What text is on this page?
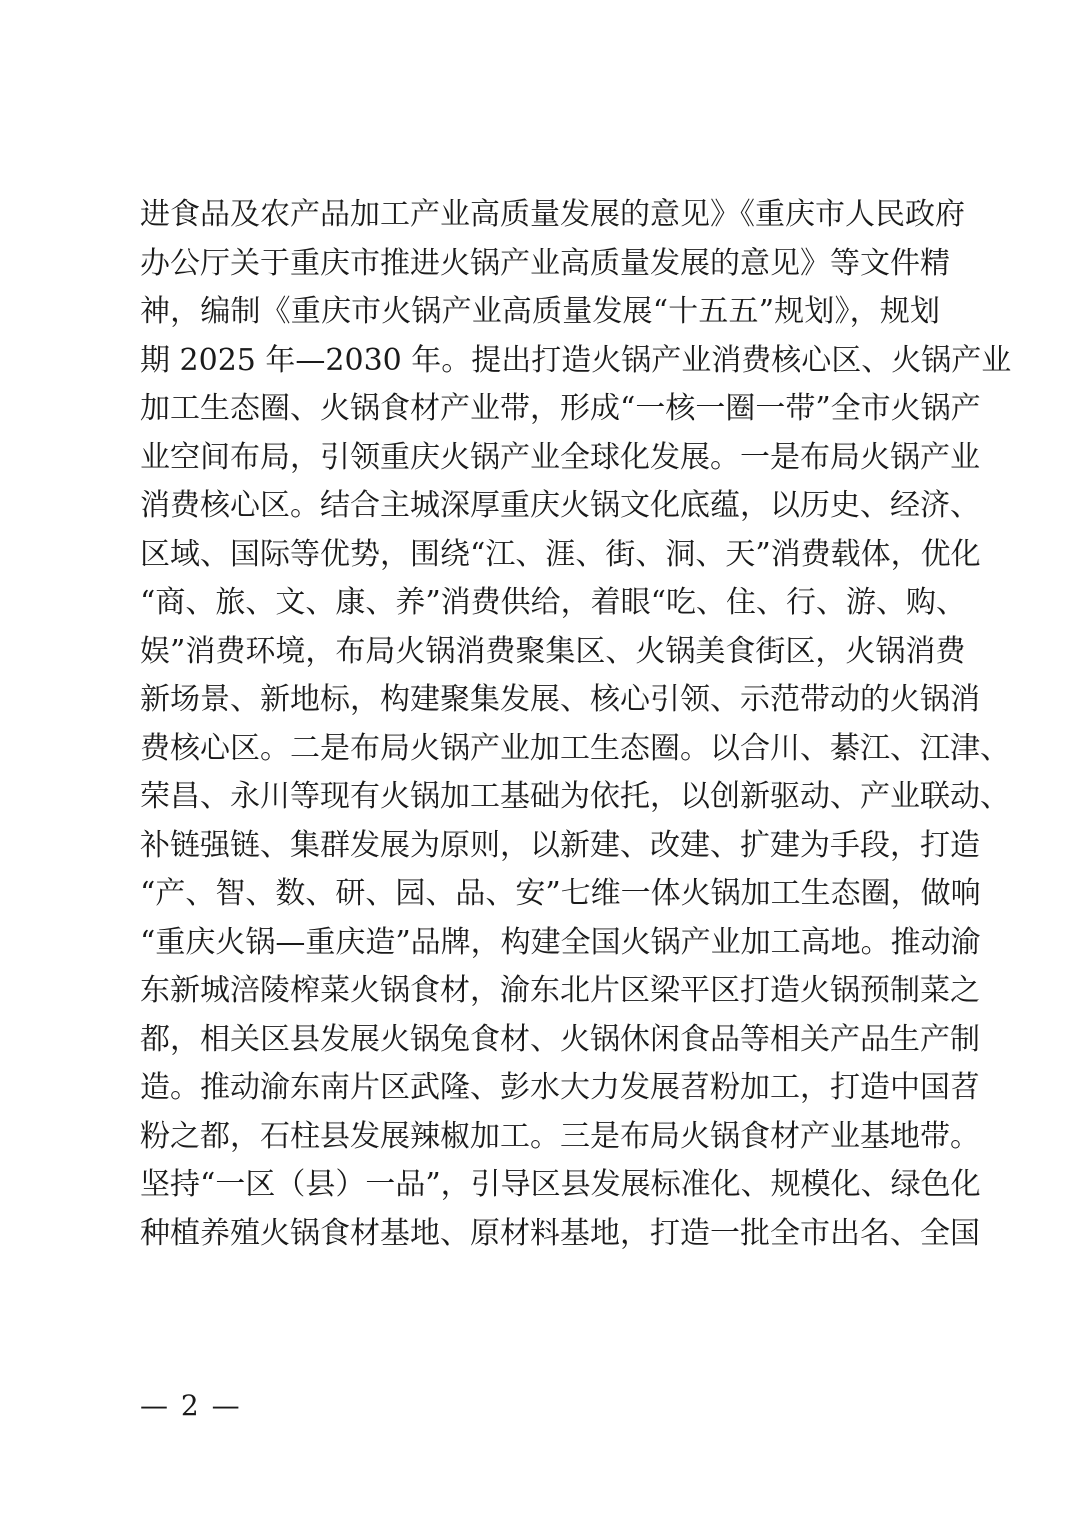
进食品及农产品加工产业高质量发展的意见》《重庆市人民政府
办公厅关于重庆市推进火锅产业高质量发展的意见》等文件精
神，编制《重庆市火锅产业高质量发展“十五五”规划》，规划
期 2025 年—2030 年。提出打造火锅产业消费核心区、火锅产业
加工生态圈、火锅食材产业带，形成“一核一圈一带”全市火锅产
业空间布局，引领重庆火锅产业全球化发展。一是布局火锅产业
消费核心区。结合主城深厚重庆火锅文化底蕴，以历史、经济、
区域、国际等优势，围绕“江、涯、街、洞、天”消费载体，优化
“商、旅、文、康、养”消费供给，着眼“吃、住、行、游、购、
娱”消费环境，布局火锅消费聚集区、火锅美食街区，火锅消费
新场景、新地标，构建聚集发展、核心引领、示范带动的火锅消
费核心区。二是布局火锅产业加工生态圈。以合川、綦江、江津、
荣昌、永川等现有火锅加工基础为依托，以创新驱动、产业联动、
补链强链、集群发展为原则，以新建、改建、扩建为手段，打造
“产、智、数、研、园、品、安”七维一体火锅加工生态圈，做响
“重庆火锅—重庆造”品牌，构建全国火锅产业加工高地。推动渝
东新城涪陵榨菜火锅食材，渝东北片区梁平区打造火锅预制菜之
都，相关区县发展火锅兔食材、火锅休闲食品等相关产品生产制
造。推动渝东南片区武隆、彭水大力发展苕粉加工，打造中国苕
粉之都，石柱县发展辣椒加工。三是布局火锅食材产业基地带。
坚持“一区（县）一品”，引导区县发展标准化、规模化、绿色化
种植养殖火锅食材基地、原材料基地，打造一批全市出名、全国
— 2 —
